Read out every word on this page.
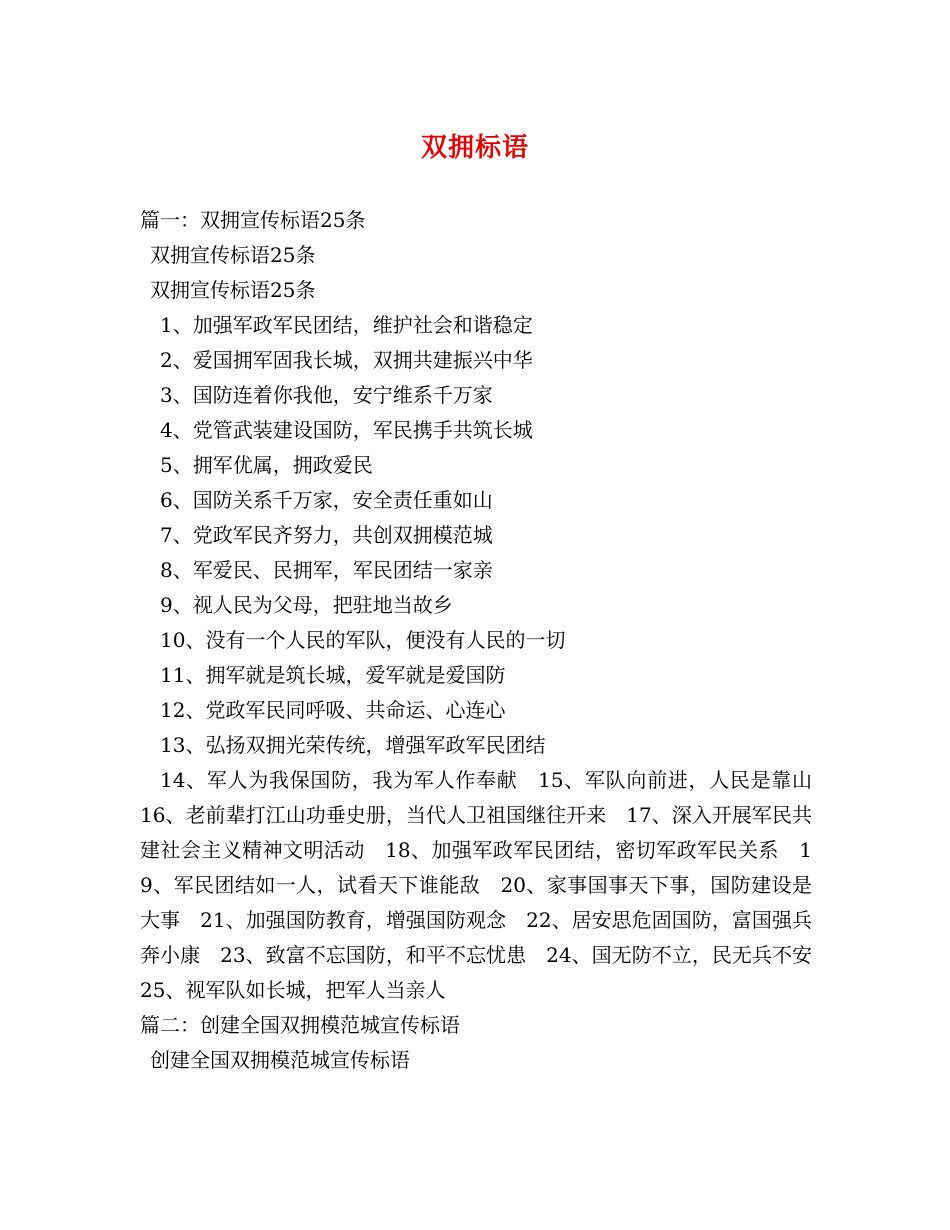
双拥标语
篇一：双拥宣传标语25条
双拥宣传标语25条
双拥宣传标语25条
1、加强军政军民团结，维护社会和谐稳定
2、爱国拥军固我长城，双拥共建振兴中华
3、国防连着你我他，安宁维系千万家
4、党管武装建设国防，军民携手共筑长城
5、拥军优属，拥政爱民
6、国防关系千万家，安全责任重如山
7、党政军民齐努力，共创双拥模范城
8、军爱民、民拥军，军民团结一家亲
9、视人民为父母，把驻地当故乡
10、没有一个人民的军队，便没有人民的一切
11、拥军就是筑长城，爱军就是爱国防
12、党政军民同呼吸、共命运、心连心
13、弘扬双拥光荣传统，增强军政军民团结
14、军人为我保国防，我为军人作奉献　15、军队向前进，人民是靠山　16、老前辈打江山功垂史册，当代人卫祖国继往开来　17、深入开展军民共建社会主义精神文明活动　18、加强军政军民团结，密切军政军民关系　19、军民团结如一人，试看天下谁能敌　20、家事国事天下事，国防建设是大事　21、加强国防教育，增强国防观念　22、居安思危固国防，富国强兵奔小康　23、致富不忘国防，和平不忘忧患　24、国无防不立，民无兵不安　25、视军队如长城，把军人当亲人
篇二：创建全国双拥模范城宣传标语
创建全国双拥模范城宣传标语
